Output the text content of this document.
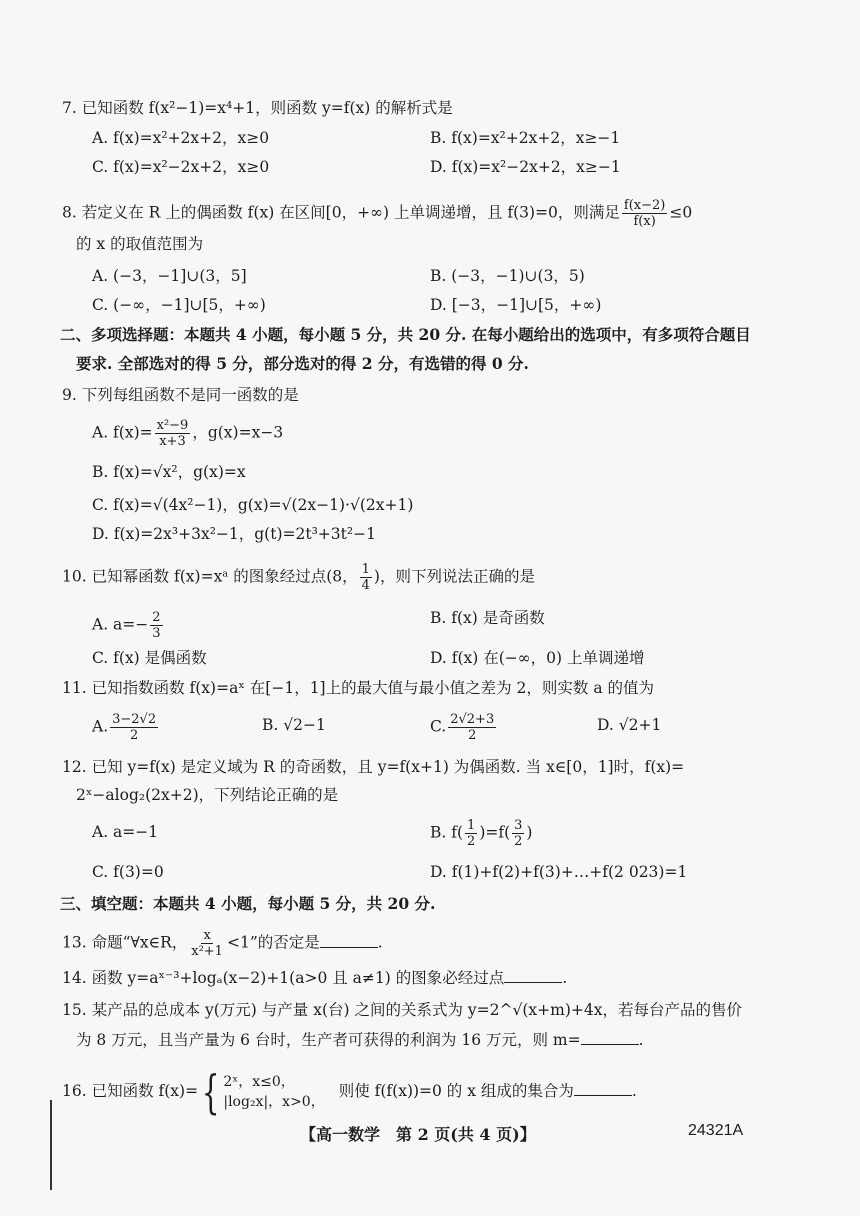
7. 已知函数 f(x²−1)=x⁴+1，则函数 y=f(x) 的解析式是
A. f(x)=x²+2x+2，x≥0	B. f(x)=x²+2x+2，x≥−1
C. f(x)=x²−2x+2，x≥0	D. f(x)=x²−2x+2，x≥−1
8. 若定义在 R 上的偶函数 f(x) 在区间[0，+∞) 上单调递增，且 f(3)=0，则满足 $\frac{f(x-2)}{f(x)} \le 0$
的 x 的取值范围为
A. (−3，−1]∪(3，5]	B. (−3，−1)∪(3，5)
C. (−∞，−1]∪[5，+∞)	D. [−3，−1]∪[5，+∞)
二、多项选择题：本题共 4 小题，每小题 5 分，共 20 分. 在每小题给出的选项中，有多项符合题目
要求. 全部选对的得 5 分，部分选对的得 2 分，有选错的得 0 分.
9. 下列每组函数不是同一函数的是
A. $f(x)= \frac{\text{x²−9}}{x+3}$ ，g(x)=x−3
B. f(x)=√x²，g(x)=x
C. f(x)=√(4x²−1)，g(x)=√(2x−1)·√(2x+1)
D. f(x)=2x³+3x²−1，g(t)=2t³+3t²−1
10. 已知幂函数 f(x)=xᵃ 的图象经过点(8， $\frac{1}{4}$ )，则下列说法正确的是
A. $a=- \frac{2}{3}$	B. f(x) 是奇函数
C. f(x) 是偶函数	D. f(x) 在(−∞，0) 上单调递增
11. 已知指数函数 f(x)=aˣ 在[−1，1]上的最大值与最小值之差为 2，则实数 a 的值为
A. $\frac{3-2√2}{2}$	B. √2−1	C. $\frac{2√2+3}{2}$	D. √2+1
12. 已知 y=f(x) 是定义域为 R 的奇函数，且 y=f(x+1) 为偶函数. 当 x∈[0，1]时，f(x)=
2ˣ−alog₂(2x+2)，下列结论正确的是
A. a=−1	B. $f( \frac{1}{2} )=f( \frac{3}{2}$ )
C. f(3)=0	D. f(1)+f(2)+f(3)+…+f(2 023)=1
三、填空题：本题共 4 小题，每小题 5 分，共 20 分.
13. 命题“∀x∈R， $\frac{x}{\text{x²+1}} <1$”的否定是	.
14. 函数 y=aˣ⁻³+logₐ(x−2)+1(a>0 且 a≠1) 的图象必经过点	.
15. 某产品的总成本 y(万元) 与产量 x(台) 之间的关系式为 y=2^√(x+m)+4x，若每台产品的售价
为 8 万元，且当产量为 6 台时，生产者可获得的利润为 16 万元，则 m=	.
16. 已知函数 f(x)= { 2ˣ，x≤0，
|log₂x|，x>0，
则使 f(f(x))=0 的 x 组成的集合为	.
【高一数学　第 2 页(共 4 页)】	24321A
